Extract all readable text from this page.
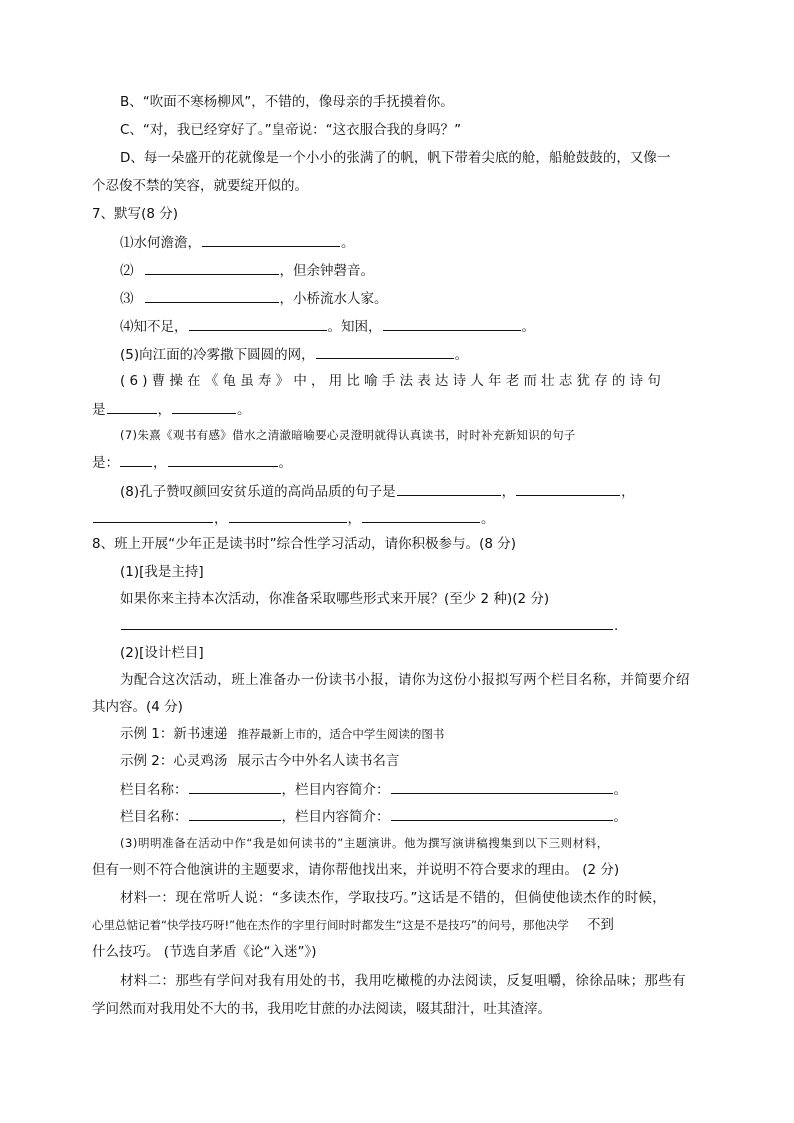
B、“吹面不寒杨柳风”，不错的，像母亲的手抚摸着你。
C、“对，我已经穿好了。”皇帝说：“这衣服合我的身吗？”
D、每一朵盛开的花就像是一个小小的张满了的帆，帆下带着尖底的舱，船舱鼓鼓的，又像一
个忍俊不禁的笑容，就要绽开似的。
7、默写(8 分)
⑴水何澹澹，	。
⑵	，但余钟磬音。
⑶	，小桥流水人家。
⑷知不足，	。知困，	。
(5)向江面的冷雾撒下圆圆的网，	。
(6)曹操在《龟虽寿》中，用比喻手法表达诗人年老而壮志犹存的诗句
是	，	。
(7)朱熹《观书有感》借水之清澈暗喻要心灵澄明就得认真读书，时时补充新知识的句子
是：	，	。
(8)孔子赞叹颜回安贫乐道的高尚品质的句子是	，	，
，	，	。
8、班上开展“少年正是读书时”综合性学习活动，请你积极参与。(8 分)
(1)[我是主持]
如果你来主持本次活动，你准备采取哪些形式来开展？(至少 2 种)(2 分)
.
(2)[设计栏目]
为配合这次活动，班上准备办一份读书小报，请你为这份小报拟写两个栏目名称，并简要介绍
其内容。(4 分)
示例 1：新书速递 推荐最新上市的，适合中学生阅读的图书
示例 2：心灵鸡汤 展示古今中外名人读书名言
栏目名称：	，栏目内容简介：	。
栏目名称：	，栏目内容简介：	。
(3)明明准备在活动中作“我是如何读书的”主题演讲。他为撰写演讲稿搜集到以下三则材料，
但有一则不符合他演讲的主题要求，请你帮他找出来，并说明不符合要求的理由。 (2 分)
材料一：现在常听人说：“多读杰作，学取技巧。”这话是不错的，但倘使他读杰作的时候，
心里总惦记着“快学技巧呀!”他在杰作的字里行间时时都发生“这是不是技巧”的问号，那他决学 不到
什么技巧。 (节选自茅盾《论“入迷”》)
材料二：那些有学问对我有用处的书，我用吃橄榄的办法阅读，反复咀嚼，徐徐品味；那些有
学问然而对我用处不大的书，我用吃甘蔗的办法阅读，啜其甜汁，吐其渣滓。
